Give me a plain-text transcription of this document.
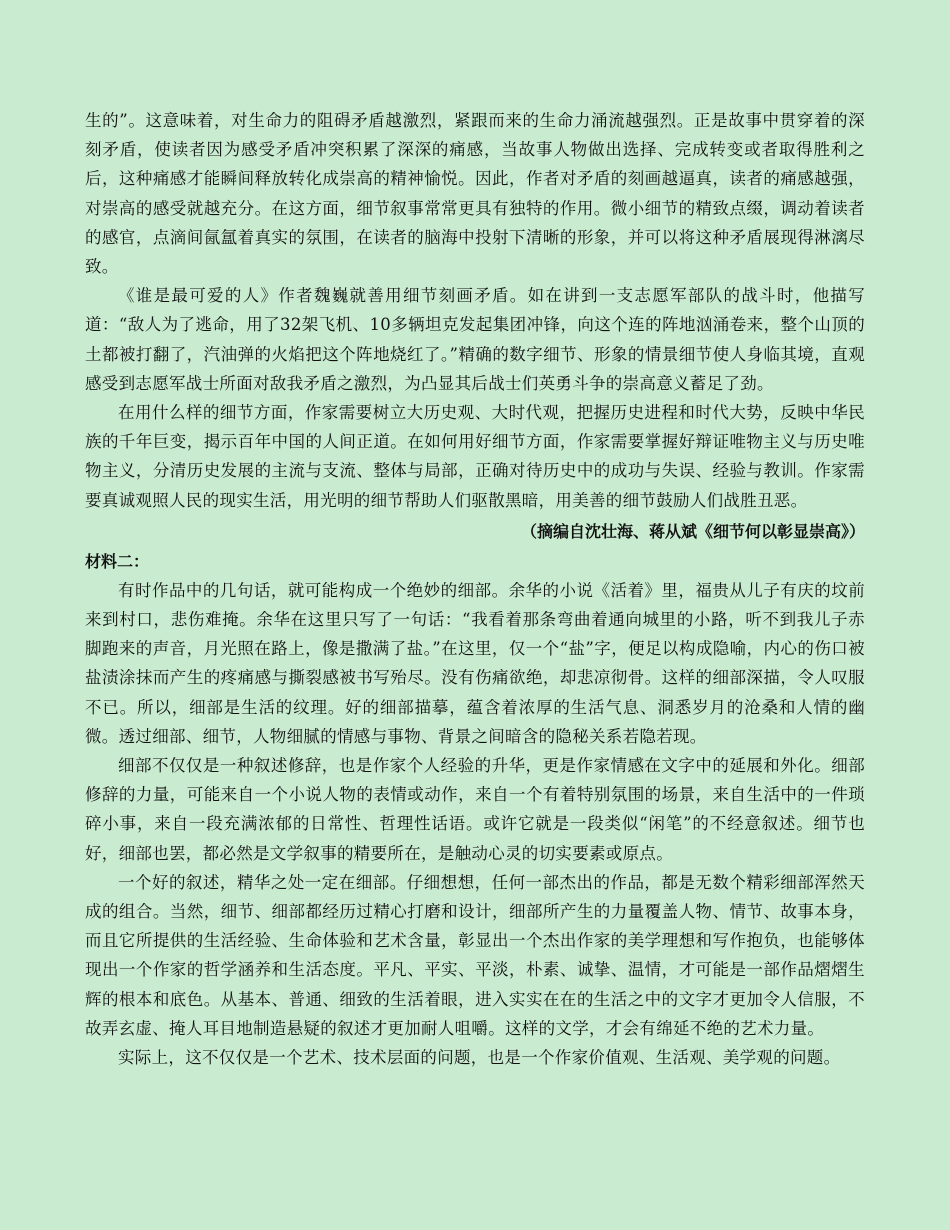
生的”。这意味着，对生命力的阻碍矛盾越激烈，紧跟而来的生命力涌流越强烈。正是故事中贯穿着的深刻矛盾，使读者因为感受矛盾冲突积累了深深的痛感，当故事人物做出选择、完成转变或者取得胜利之后，这种痛感才能瞬间释放转化成崇高的精神愉悦。因此，作者对矛盾的刻画越逼真，读者的痛感越强，对崇高的感受就越充分。在这方面，细节叙事常常更具有独特的作用。微小细节的精致点缀，调动着读者的感官，点滴间氤氲着真实的氛围，在读者的脑海中投射下清晰的形象，并可以将这种矛盾展现得淋漓尽致。

《谁是最可爱的人》作者魏巍就善用细节刻画矛盾。如在讲到一支志愿军部队的战斗时，他描写道：“敌人为了逃命，用了32架飞机、10多辆坦克发起集团冲锋，向这个连的阵地汹涌卷来，整个山顶的土都被打翻了，汽油弹的火焰把这个阵地烧红了。”精确的数字细节、形象的情景细节使人身临其境，直观感受到志愿军战士所面对敌我矛盾之激烈，为凸显其后战士们英勇斗争的崇高意义蓄足了劲。

在用什么样的细节方面，作家需要树立大历史观、大时代观，把握历史进程和时代大势，反映中华民族的千年巨变，揭示百年中国的人间正道。在如何用好细节方面，作家需要掌握好辩证唯物主义与历史唯物主义，分清历史发展的主流与支流、整体与局部，正确对待历史中的成功与失误、经验与教训。作家需要真诚观照人民的现实生活，用光明的细节帮助人们驱散黑暗，用美善的细节鼓励人们战胜丑恶。

（摘编自沈壮海、蒋从斌《细节何以彰显崇高》）

材料二：

有时作品中的几句话，就可能构成一个绝妙的细部。余华的小说《活着》里，福贵从儿子有庆的坟前来到村口，悲伤难掩。余华在这里只写了一句话：“我看着那条弯曲着通向城里的小路，听不到我儿子赤脚跑来的声音，月光照在路上，像是撒满了盐。”在这里，仅一个“盐”字，便足以构成隐喻，内心的伤口被盐渍涂抹而产生的疼痛感与撕裂感被书写殆尽。没有伤痛欲绝，却悲凉彻骨。这样的细部深描，令人叹服不已。所以，细部是生活的纹理。好的细部描摹，蕴含着浓厚的生活气息、洞悉岁月的沧桑和人情的幽微。透过细部、细节，人物细腻的情感与事物、背景之间暗含的隐秘关系若隐若现。

细部不仅仅是一种叙述修辞，也是作家个人经验的升华，更是作家情感在文字中的延展和外化。细部修辞的力量，可能来自一个小说人物的表情或动作，来自一个有着特别氛围的场景，来自生活中的一件琐碎小事，来自一段充满浓郁的日常性、哲理性话语。或许它就是一段类似“闲笔”的不经意叙述。细节也好，细部也罢，都必然是文学叙事的精要所在，是触动心灵的切实要素或原点。

一个好的叙述，精华之处一定在细部。仔细想想，任何一部杰出的作品，都是无数个精彩细部浑然天成的组合。当然，细节、细部都经历过精心打磨和设计，细部所产生的力量覆盖人物、情节、故事本身，而且它所提供的生活经验、生命体验和艺术含量，彰显出一个杰出作家的美学理想和写作抱负，也能够体现出一个作家的哲学涵养和生活态度。平凡、平实、平淡，朴素、诚挚、温情，才可能是一部作品熠熠生辉的根本和底色。从基本、普通、细致的生活着眼，进入实实在在的生活之中的文字才更加令人信服，不故弄玄虚、掩人耳目地制造悬疑的叙述才更加耐人咀嚼。这样的文学，才会有绵延不绝的艺术力量。

实际上，这不仅仅是一个艺术、技术层面的问题，也是一个作家价值观、生活观、美学观的问题。
